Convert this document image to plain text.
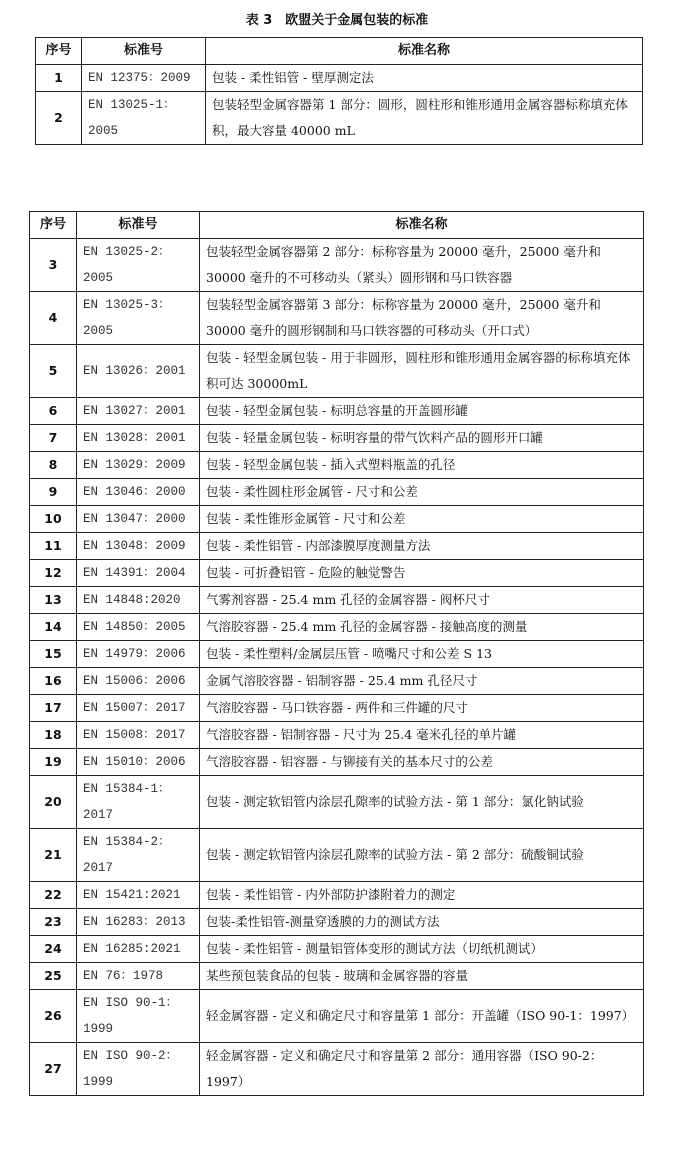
表 3　欧盟关于金属包装的标准
序号	标准号	标准名称
1	EN 12375：2009	包装 - 柔性铝管 - 壁厚测定法
2	EN 13025-1：2005	包装轻型金属容器第 1 部分：圆形，圆柱形和锥形通用金属容器标称填充体积，最大容量 40000 mL
序号	标准号	标准名称
3	EN 13025-2：2005	包装轻型金属容器第 2 部分：标称容量为 20000 毫升，25000 毫升和 30000 毫升的不可移动头（紧头）圆形钢和马口铁容器
4	EN 13025-3：2005	包装轻型金属容器第 3 部分：标称容量为 20000 毫升，25000 毫升和 30000 毫升的圆形钢制和马口铁容器的可移动头（开口式）
5	EN 13026：2001	包装 - 轻型金属包装 - 用于非圆形，圆柱形和锥形通用金属容器的标称填充体积可达 30000mL
6	EN 13027：2001	包装 - 轻型金属包装 - 标明总容量的开盖圆形罐
7	EN 13028：2001	包装 - 轻量金属包装 - 标明容量的带气饮料产品的圆形开口罐
8	EN 13029：2009	包装 - 轻型金属包装 - 插入式塑料瓶盖的孔径
9	EN 13046：2000	包装 - 柔性圆柱形金属管 - 尺寸和公差
10	EN 13047：2000	包装 - 柔性锥形金属管 - 尺寸和公差
11	EN 13048：2009	包装 - 柔性铝管 - 内部漆膜厚度测量方法
12	EN 14391：2004	包装 - 可折叠铝管 - 危险的触觉警告
13	EN 14848:2020	气雾剂容器 - 25.4 mm 孔径的金属容器 - 阀杯尺寸
14	EN 14850：2005	气溶胶容器 - 25.4 mm 孔径的金属容器 - 接触高度的测量
15	EN 14979：2006	包装 - 柔性塑料/金属层压管 - 喷嘴尺寸和公差 S 13
16	EN 15006：2006	金属气溶胶容器 - 铝制容器 - 25.4 mm 孔径尺寸
17	EN 15007：2017	气溶胶容器 - 马口铁容器 - 两件和三件罐的尺寸
18	EN 15008：2017	气溶胶容器 - 铝制容器 - 尺寸为 25.4 毫米孔径的单片罐
19	EN 15010：2006	气溶胶容器 - 铝容器 - 与铆接有关的基本尺寸的公差
20	EN 15384-1：2017	包装 - 测定软铝管内涂层孔隙率的试验方法 - 第 1 部分：氯化钠试验
21	EN 15384-2：2017	包装 - 测定软铝管内涂层孔隙率的试验方法 - 第 2 部分：硫酸铜试验
22	EN 15421:2021	包装 - 柔性铝管 - 内外部防护漆附着力的测定
23	EN 16283：2013	包装-柔性铝管-测量穿透膜的力的测试方法
24	EN 16285:2021	包装 - 柔性铝管 - 测量铝管体变形的测试方法（切纸机测试）
25	EN 76：1978	某些预包装食品的包装 - 玻璃和金属容器的容量
26	EN ISO 90-1：1999	轻金属容器 - 定义和确定尺寸和容量第 1 部分：开盖罐（ISO 90-1：1997）
27	EN ISO 90-2：1999	轻金属容器 - 定义和确定尺寸和容量第 2 部分：通用容器（ISO 90-2：1997）
